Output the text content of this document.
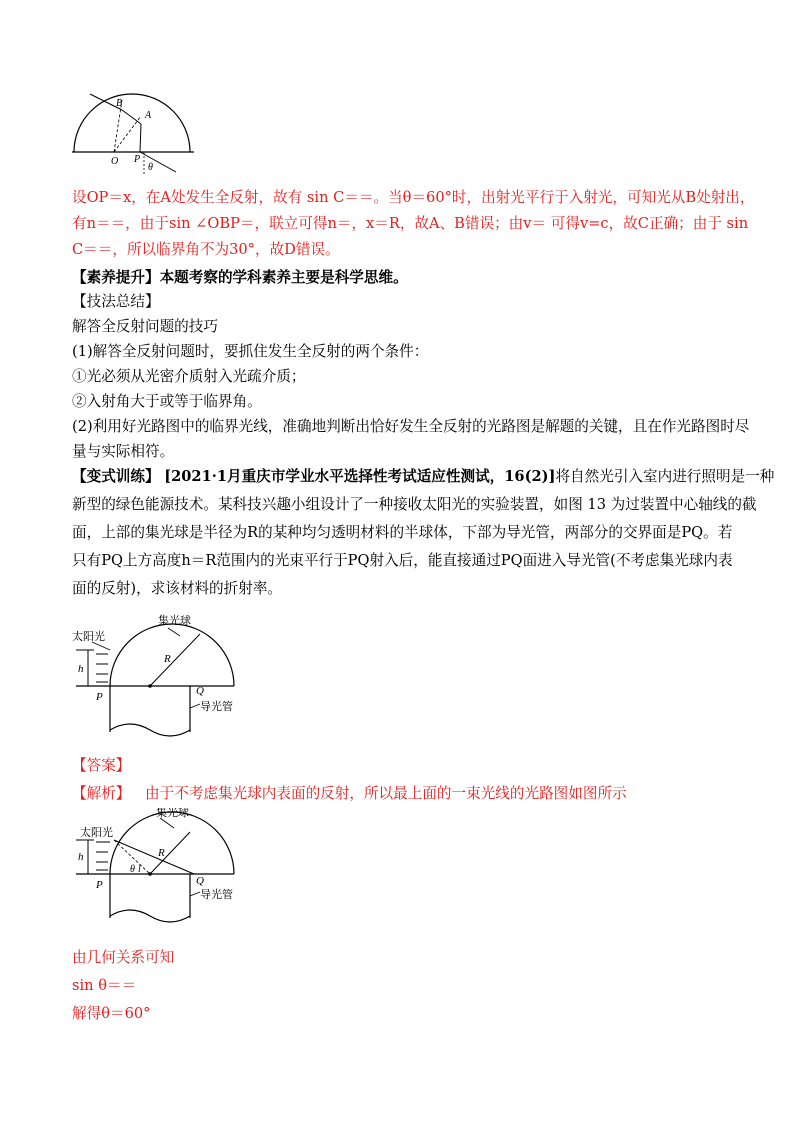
B
A
O P
θ
设OP＝x，在A处发生全反射，故有 sin C＝＝。当θ＝60°时，出射光平行于入射光，可知光从B处射出，
有n＝＝，由于sin ∠OBP＝，联立可得n＝，x＝R，故A、B错误；由v＝ 可得v=c，故C正确；由于 sin
C＝＝，所以临界角不为30°，故D错误。
【素养提升】本题考察的学科素养主要是科学思维。
【技法总结】
解答全反射问题的技巧
(1)解答全反射问题时，要抓住发生全反射的两个条件：
①光必须从光密介质射入光疏介质；
②入射角大于或等于临界角。
(2)利用好光路图中的临界光线，准确地判断出恰好发生全反射的光路图是解题的关键，且在作光路图时尽
量与实际相符。
【变式训练】 [2021·1月重庆市学业水平选择性考试适应性测试，16(2)]将自然光引入室内进行照明是一种
新型的绿色能源技术。某科技兴趣小组设计了一种接收太阳光的实验装置，如图 13 为过装置中心轴线的截
面，上部的集光球是半径为R的某种均匀透明材料的半球体，下部为导光管，两部分的交界面是PQ。若
只有PQ上方高度h＝R范围内的光束平行于PQ射入后，能直接通过PQ面进入导光管(不考虑集光球内表
面的反射)，求该材料的折射率。
太阳光
集光球
R
h
P	Q
导光管
【答案】
【解析】 由于不考虑集光球内表面的反射，所以最上面的一束光线的光路图如图所示
太阳光
集光球
R
h
P
θ l
Q
导光管
由几何关系可知
sin θ＝＝
解得θ＝60°
